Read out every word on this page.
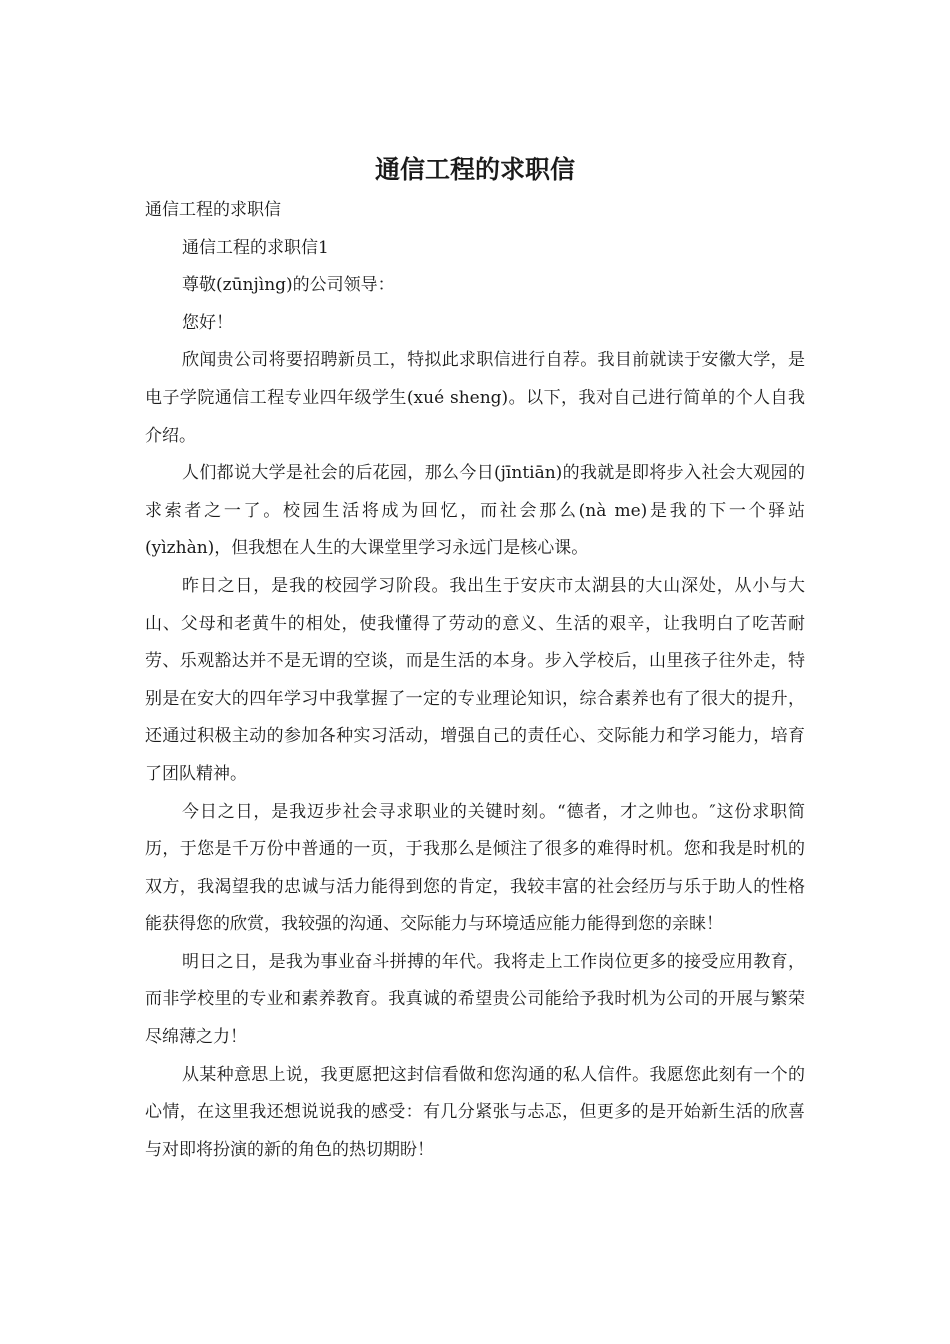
通信工程的求职信

通信工程的求职信

通信工程的求职信1

尊敬(zūnjìng)的公司领导：

您好！

欣闻贵公司将要招聘新员工，特拟此求职信进行自荐。我目前就读于安徽大学，是电子学院通信工程专业四年级学生(xué sheng)。以下，我对自己进行简单的个人自我介绍。

人们都说大学是社会的后花园，那么今日(jīntiān)的我就是即将步入社会大观园的求索者之一了。校园生活将成为回忆，而社会那么(nà me)是我的下一个驿站(yìzhàn)，但我想在人生的大课堂里学习永远门是核心课。

昨日之日，是我的校园学习阶段。我出生于安庆市太湖县的大山深处，从小与大山、父母和老黄牛的相处，使我懂得了劳动的意义、生活的艰辛，让我明白了吃苦耐劳、乐观豁达并不是无谓的空谈，而是生活的本身。步入学校后，山里孩子往外走，特别是在安大的四年学习中我掌握了一定的专业理论知识，综合素养也有了很大的提升，还通过积极主动的参加各种实习活动，增强自己的责任心、交际能力和学习能力，培育了团队精神。

今日之日，是我迈步社会寻求职业的关键时刻。“德者，才之帅也。″这份求职简历，于您是千万份中普通的一页，于我那么是倾注了很多的难得时机。您和我是时机的双方，我渴望我的忠诚与活力能得到您的肯定，我较丰富的社会经历与乐于助人的性格能获得您的欣赏，我较强的沟通、交际能力与环境适应能力能得到您的亲睐！

明日之日，是我为事业奋斗拼搏的年代。我将走上工作岗位更多的接受应用教育，而非学校里的专业和素养教育。我真诚的希望贵公司能给予我时机为公司的开展与繁荣尽绵薄之力！

从某种意思上说，我更愿把这封信看做和您沟通的私人信件。我愿您此刻有一个的心情，在这里我还想说说我的感受：有几分紧张与忐忑，但更多的是开始新生活的欣喜与对即将扮演的新的角色的热切期盼！
